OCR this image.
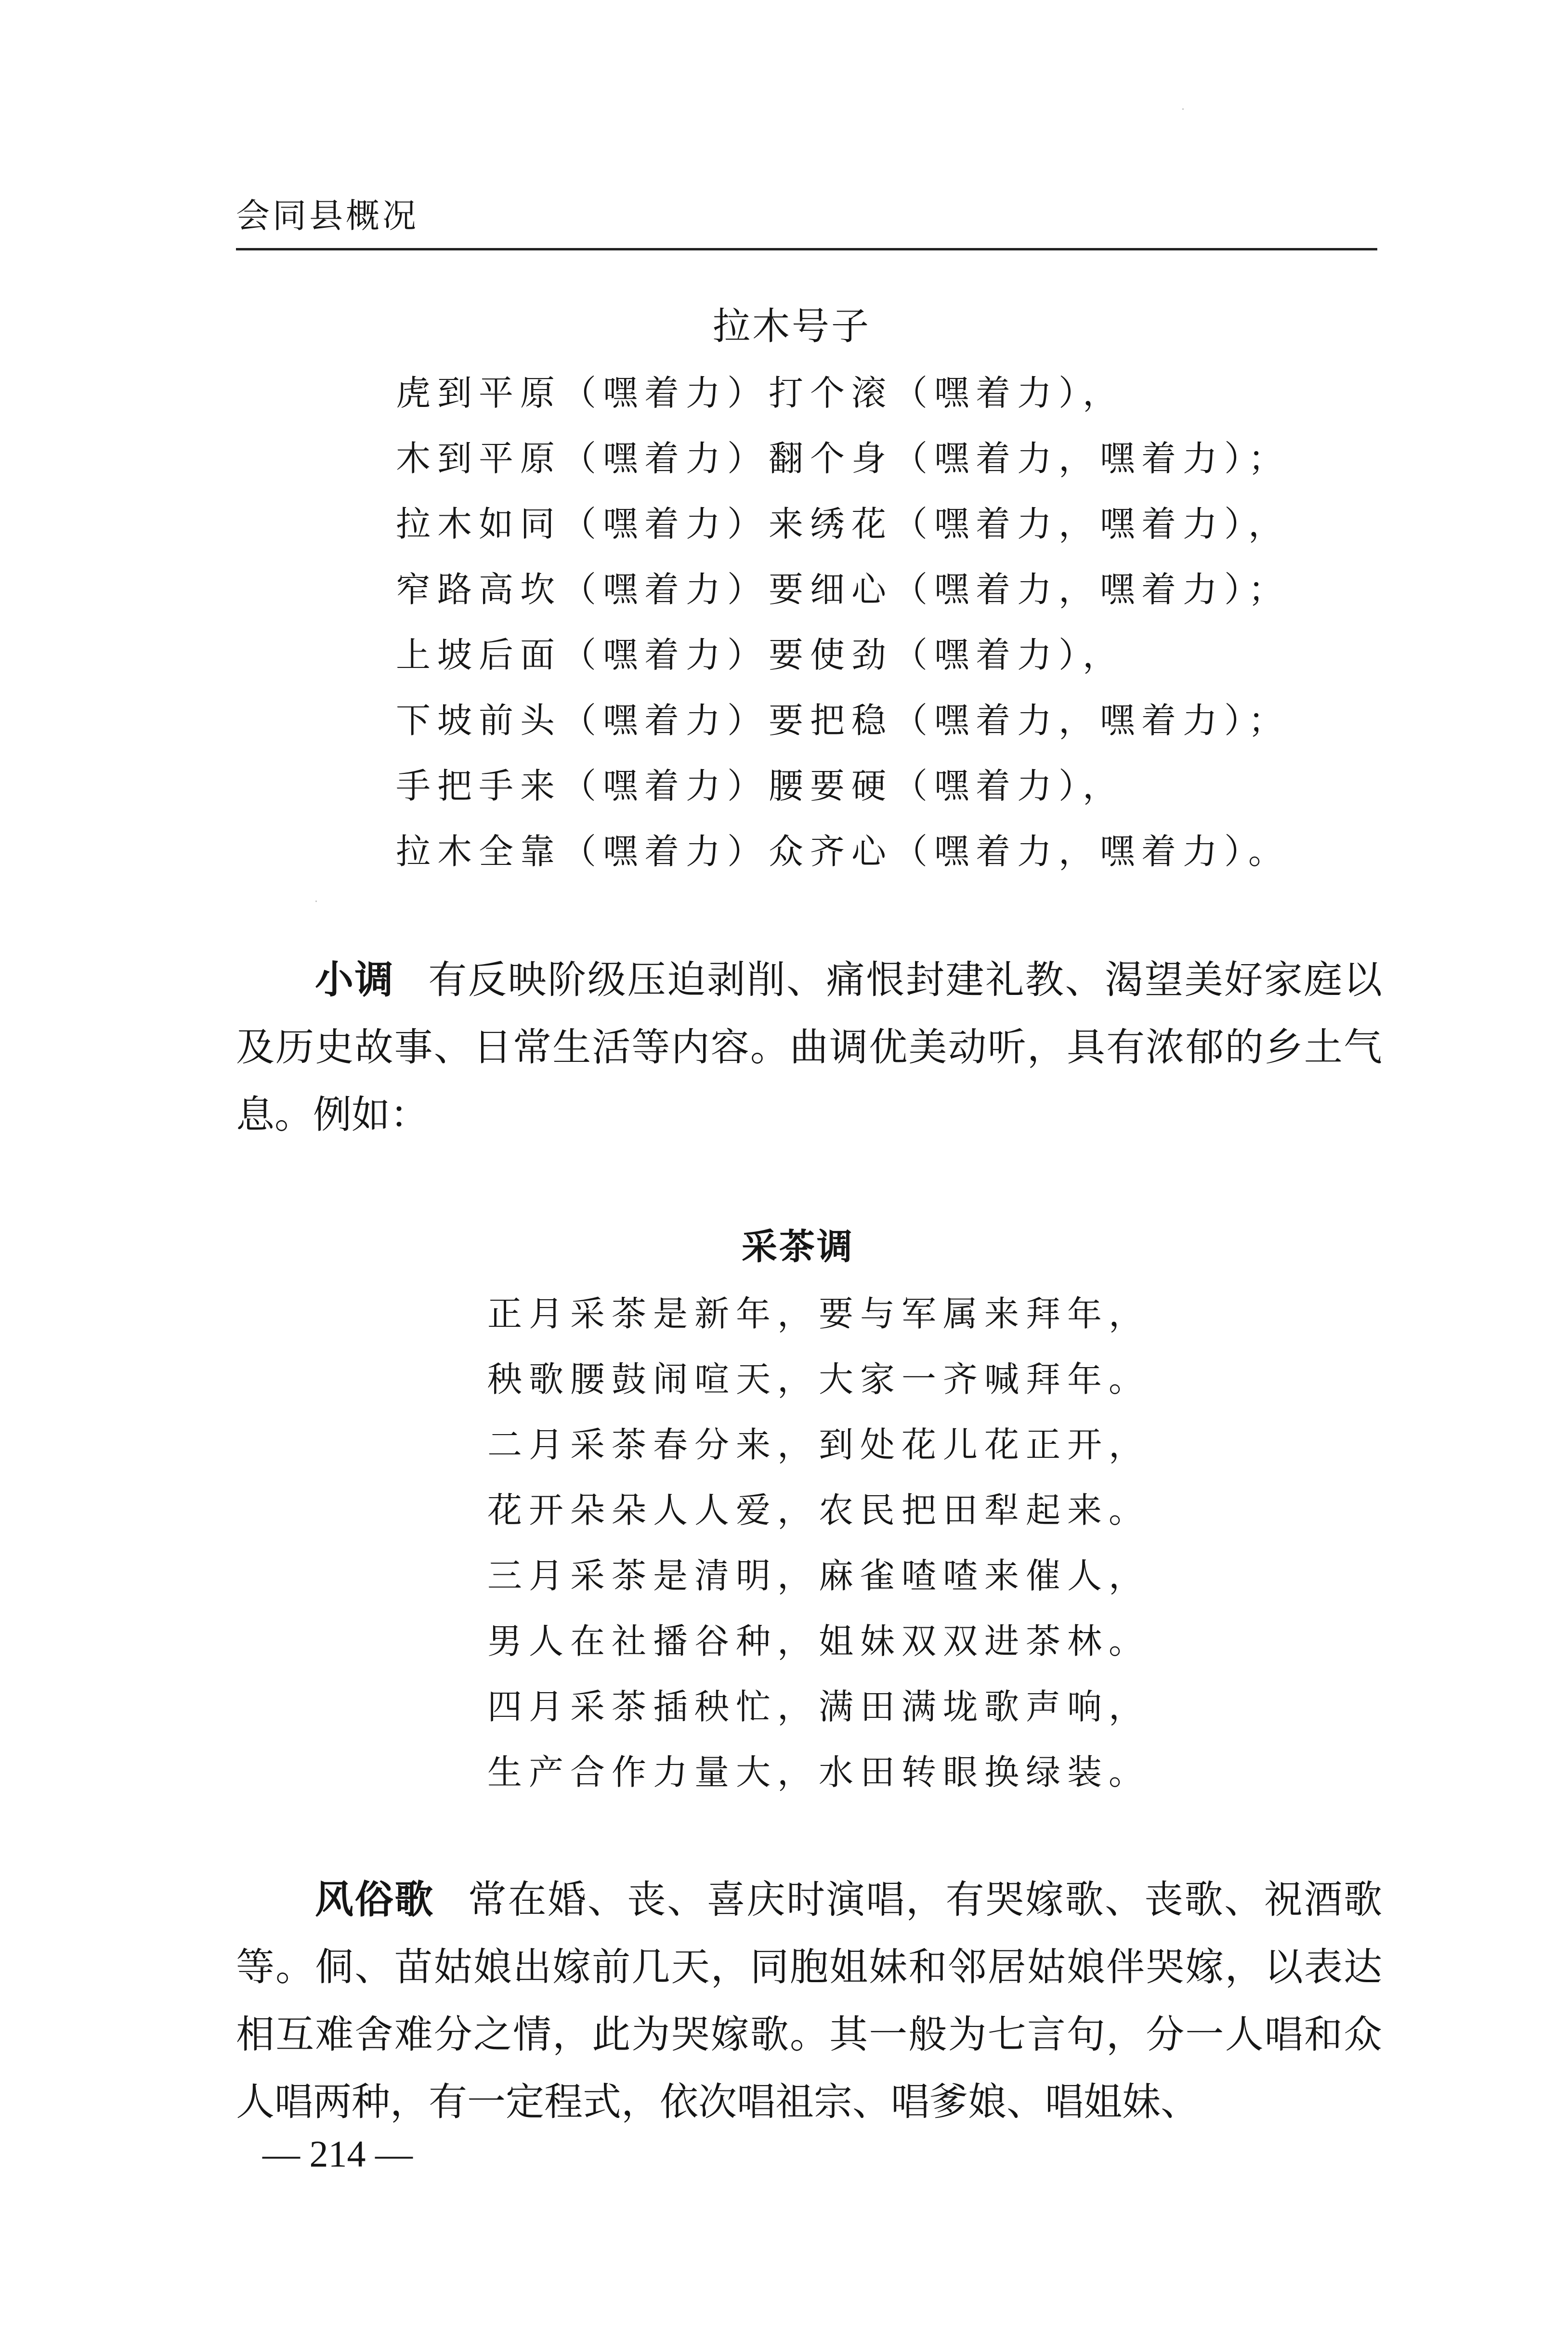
会同县概况
拉木号子
虎到平原（嘿着力）打个滚（嘿着力），
木到平原（嘿着力）翻个身（嘿着力，嘿着力）；
拉木如同（嘿着力）来绣花（嘿着力，嘿着力），
窄路高坎（嘿着力）要细心（嘿着力，嘿着力）；
上坡后面（嘿着力）要使劲（嘿着力），
下坡前头（嘿着力）要把稳（嘿着力，嘿着力）；
手把手来（嘿着力）腰要硬（嘿着力），
拉木全靠（嘿着力）众齐心（嘿着力，嘿着力）。
小调 有反映阶级压迫剥削、痛恨封建礼教、渴望美好家庭以及历史故事、日常生活等内容。曲调优美动听，具有浓郁的乡土气息。例如：
采茶调
正月采茶是新年，要与军属来拜年，
秧歌腰鼓闹喧天，大家一齐喊拜年。
二月采茶春分来，到处花儿花正开，
花开朵朵人人爱，农民把田犁起来。
三月采茶是清明，麻雀喳喳来催人，
男人在社播谷种，姐妹双双进茶林。
四月采茶插秧忙，满田满垅歌声响，
生产合作力量大，水田转眼换绿装。
风俗歌 常在婚、丧、喜庆时演唱，有哭嫁歌、丧歌、祝酒歌等。侗、苗姑娘出嫁前几天，同胞姐妹和邻居姑娘伴哭嫁，以表达相互难舍难分之情，此为哭嫁歌。其一般为七言句，分一人唱和众人唱两种，有一定程式，依次唱祖宗、唱爹娘、唱姐妹、
— 214 —
